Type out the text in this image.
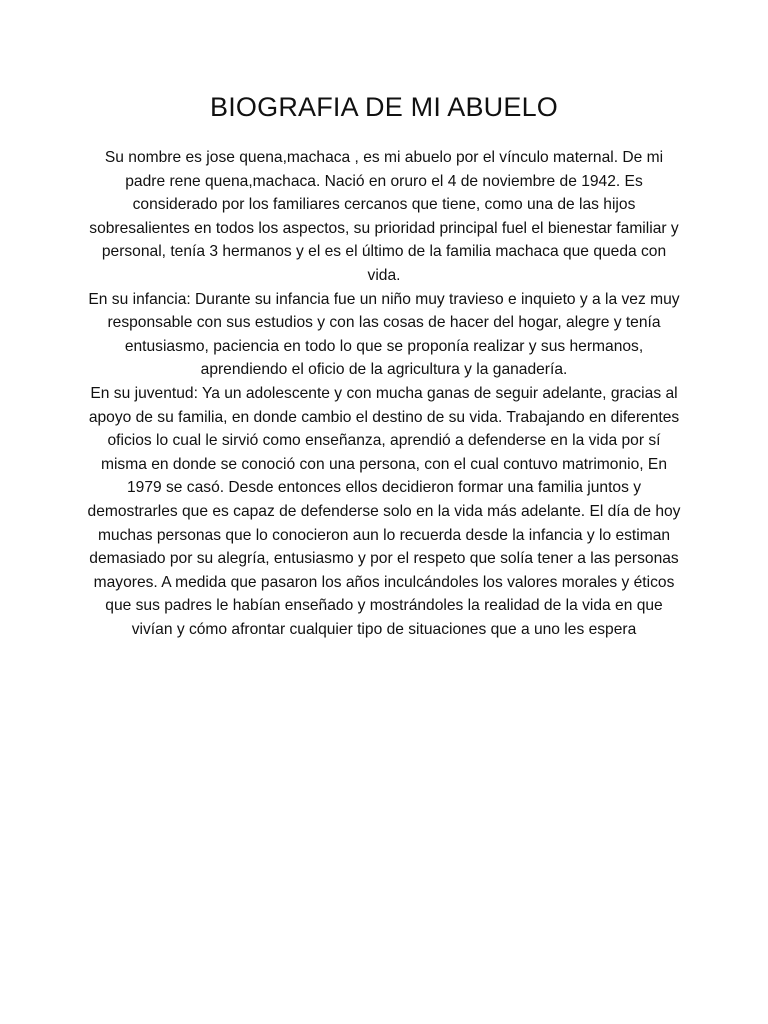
BIOGRAFIA DE MI ABUELO

Su nombre es jose quena,machaca , es mi abuelo por el vínculo maternal. De mi padre rene quena,machaca. Nació en oruro el 4 de noviembre de 1942. Es considerado por los familiares cercanos que tiene, como una de las hijos sobresalientes en todos los aspectos, su prioridad principal fuel el bienestar familiar y personal, tenía 3 hermanos y el es el último de la familia machaca que queda con vida.

En su infancia: Durante su infancia fue un niño muy travieso e inquieto y a la vez muy responsable con sus estudios y con las cosas de hacer del hogar, alegre y tenía entusiasmo, paciencia en todo lo que se proponía realizar y sus hermanos, aprendiendo el oficio de la agricultura y la ganadería.

En su juventud: Ya un adolescente y con mucha ganas de seguir adelante, gracias al apoyo de su familia, en donde cambio el destino de su vida. Trabajando en diferentes oficios lo cual le sirvió como enseñanza, aprendió a defenderse en la vida por sí misma en donde se conoció con una persona, con el cual contuvo matrimonio, En 1979 se casó. Desde entonces ellos decidieron formar una familia juntos y demostrarles que es capaz de defenderse solo en la vida más adelante. El día de hoy muchas personas que lo conocieron aun lo recuerda desde la infancia y lo estiman demasiado por su alegría, entusiasmo y por el respeto que solía tener a las personas mayores. A medida que pasaron los años inculcándoles los valores morales y éticos que sus padres le habían enseñado y mostrándoles la realidad de la vida en que vivían y cómo afrontar cualquier tipo de situaciones que a uno les espera
